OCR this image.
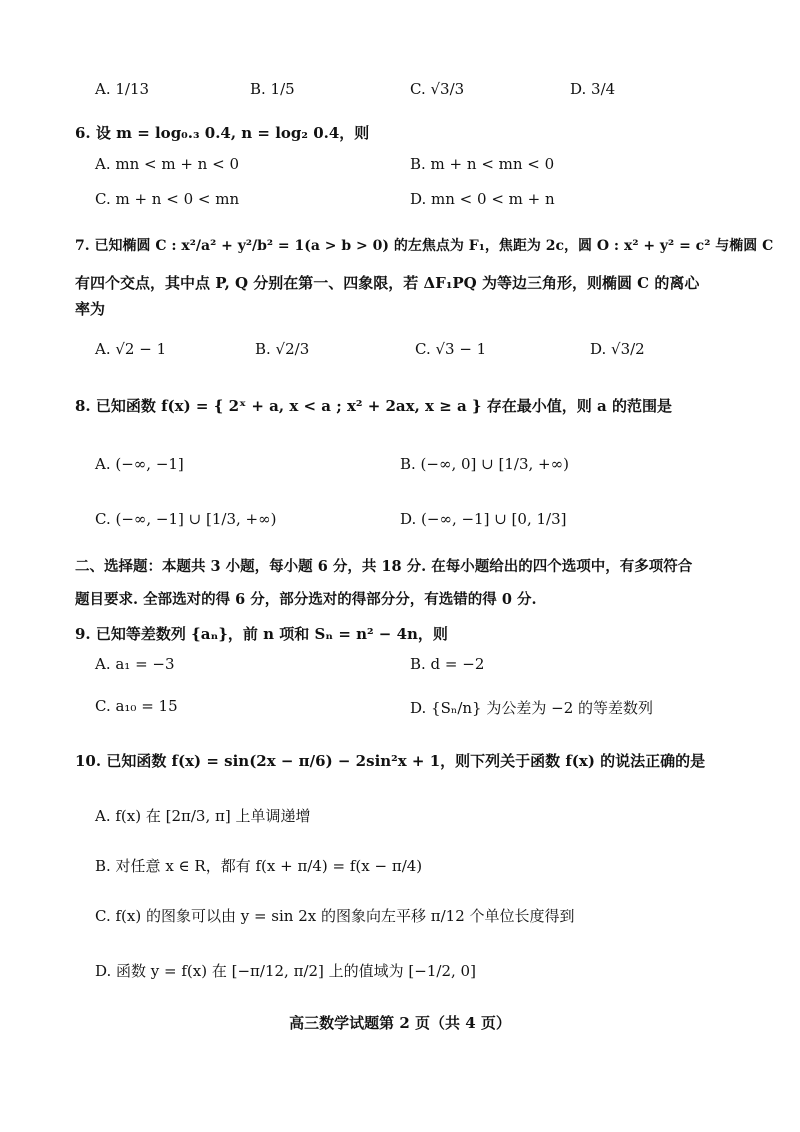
A. 1/13	B. 1/5	C. √3/3	D. 3/4
6. 设 m = log₀.₃ 0.4, n = log₂ 0.4，则
A. mn < m + n < 0	B. m + n < mn < 0
C. m + n < 0 < mn	D. mn < 0 < m + n
7. 已知椭圆 C : x²/a² + y²/b² = 1(a > b > 0) 的左焦点为 F₁，焦距为 2c，圆 O : x² + y² = c² 与椭圆 C
有四个交点，其中点 P, Q 分别在第一、四象限，若 ΔF₁PQ 为等边三角形，则椭圆 C 的离心
率为
A. √2 − 1	B. √2/3	C. √3 − 1	D. √3/2
8. 已知函数 f(x) = { 2ˣ + a, x < a ; x² + 2ax, x ≥ a } 存在最小值，则 a 的范围是
A. (−∞, −1]	B. (−∞, 0] ∪ [1/3, +∞)
C. (−∞, −1] ∪ [1/3, +∞)	D. (−∞, −1] ∪ [0, 1/3]
二、选择题：本题共 3 小题，每小题 6 分，共 18 分. 在每小题给出的四个选项中，有多项符合
题目要求. 全部选对的得 6 分，部分选对的得部分分，有选错的得 0 分.
9. 已知等差数列 {aₙ}，前 n 项和 Sₙ = n² − 4n，则
A. a₁ = −3	B. d = −2
C. a₁₀ = 15	D. {Sₙ/n} 为公差为 −2 的等差数列
10. 已知函数 f(x) = sin(2x − π/6) − 2sin²x + 1，则下列关于函数 f(x) 的说法正确的是
A. f(x) 在 [2π/3, π] 上单调递增
B. 对任意 x ∈ R，都有 f(x + π/4) = f(x − π/4)
C. f(x) 的图象可以由 y = sin 2x 的图象向左平移 π/12 个单位长度得到
D. 函数 y = f(x) 在 [−π/12, π/2] 上的值域为 [−1/2, 0]
高三数学试题第 2 页（共 4 页）
